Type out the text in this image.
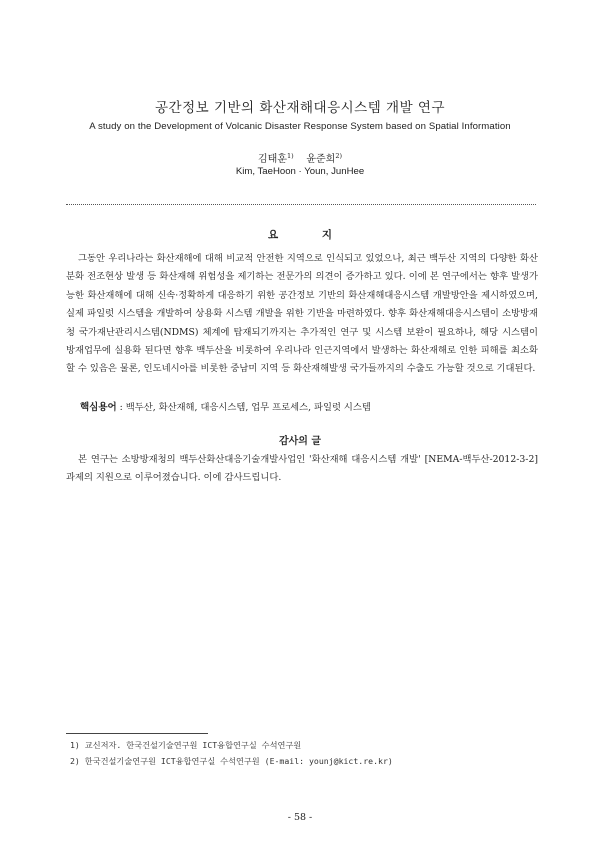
공간정보 기반의 화산재해대응시스템 개발 연구
A study on the Development of Volcanic Disaster Response System based on Spatial Information
김태훈$^{1)}$ 윤준희$^{2)}$
Kim, TaeHoon · Youn, JunHee
요 지

그동안 우리나라는 화산재해에 대해 비교적 안전한 지역으로 인식되고 있었으나, 최근 백두산 지역의 다양한 화산분화 전조현상 발생 등 화산재해 위험성을 제기하는 전문가의 의견이 증가하고 있다. 이에 본 연구에서는 향후 발생가능한 화산재해에 대해 신속·정확하게 대응하기 위한 공간정보 기반의 화산재해대응시스템 개발방안을 제시하였으며, 실제 파일럿 시스템을 개발하여 상용화 시스템 개발을 위한 기반을 마련하였다. 향후 화산재해대응시스템이 소방방재청 국가재난관리시스템(NDMS) 체계에 탑재되기까지는 추가적인 연구 및 시스템 보완이 필요하나, 해당 시스템이 방재업무에 실용화 된다면 향후 백두산을 비롯하여 우리나라 인근지역에서 발생하는 화산재해로 인한 피해를 최소화 할 수 있음은 물론, 인도네시아를 비롯한 중남미 지역 등 화산재해발생 국가들까지의 수출도 가능할 것으로 기대된다.

핵심용어 : 백두산, 화산재해, 대응시스템, 업무 프로세스, 파일럿 시스템
감사의 글

본 연구는 소방방재청의 백두산화산대응기술개발사업인 '화산재해 대응시스템 개발' [NEMA-백두산-2012-3-2]과제의 지원으로 이루어졌습니다. 이에 감사드립니다.

1) 교신저자. 한국건설기술연구원 ICT융합연구실 수석연구원
2) 한국건설기술연구원 ICT융합연구실 수석연구원 (E-mail: younj@kict.re.kr)
- 58 -
